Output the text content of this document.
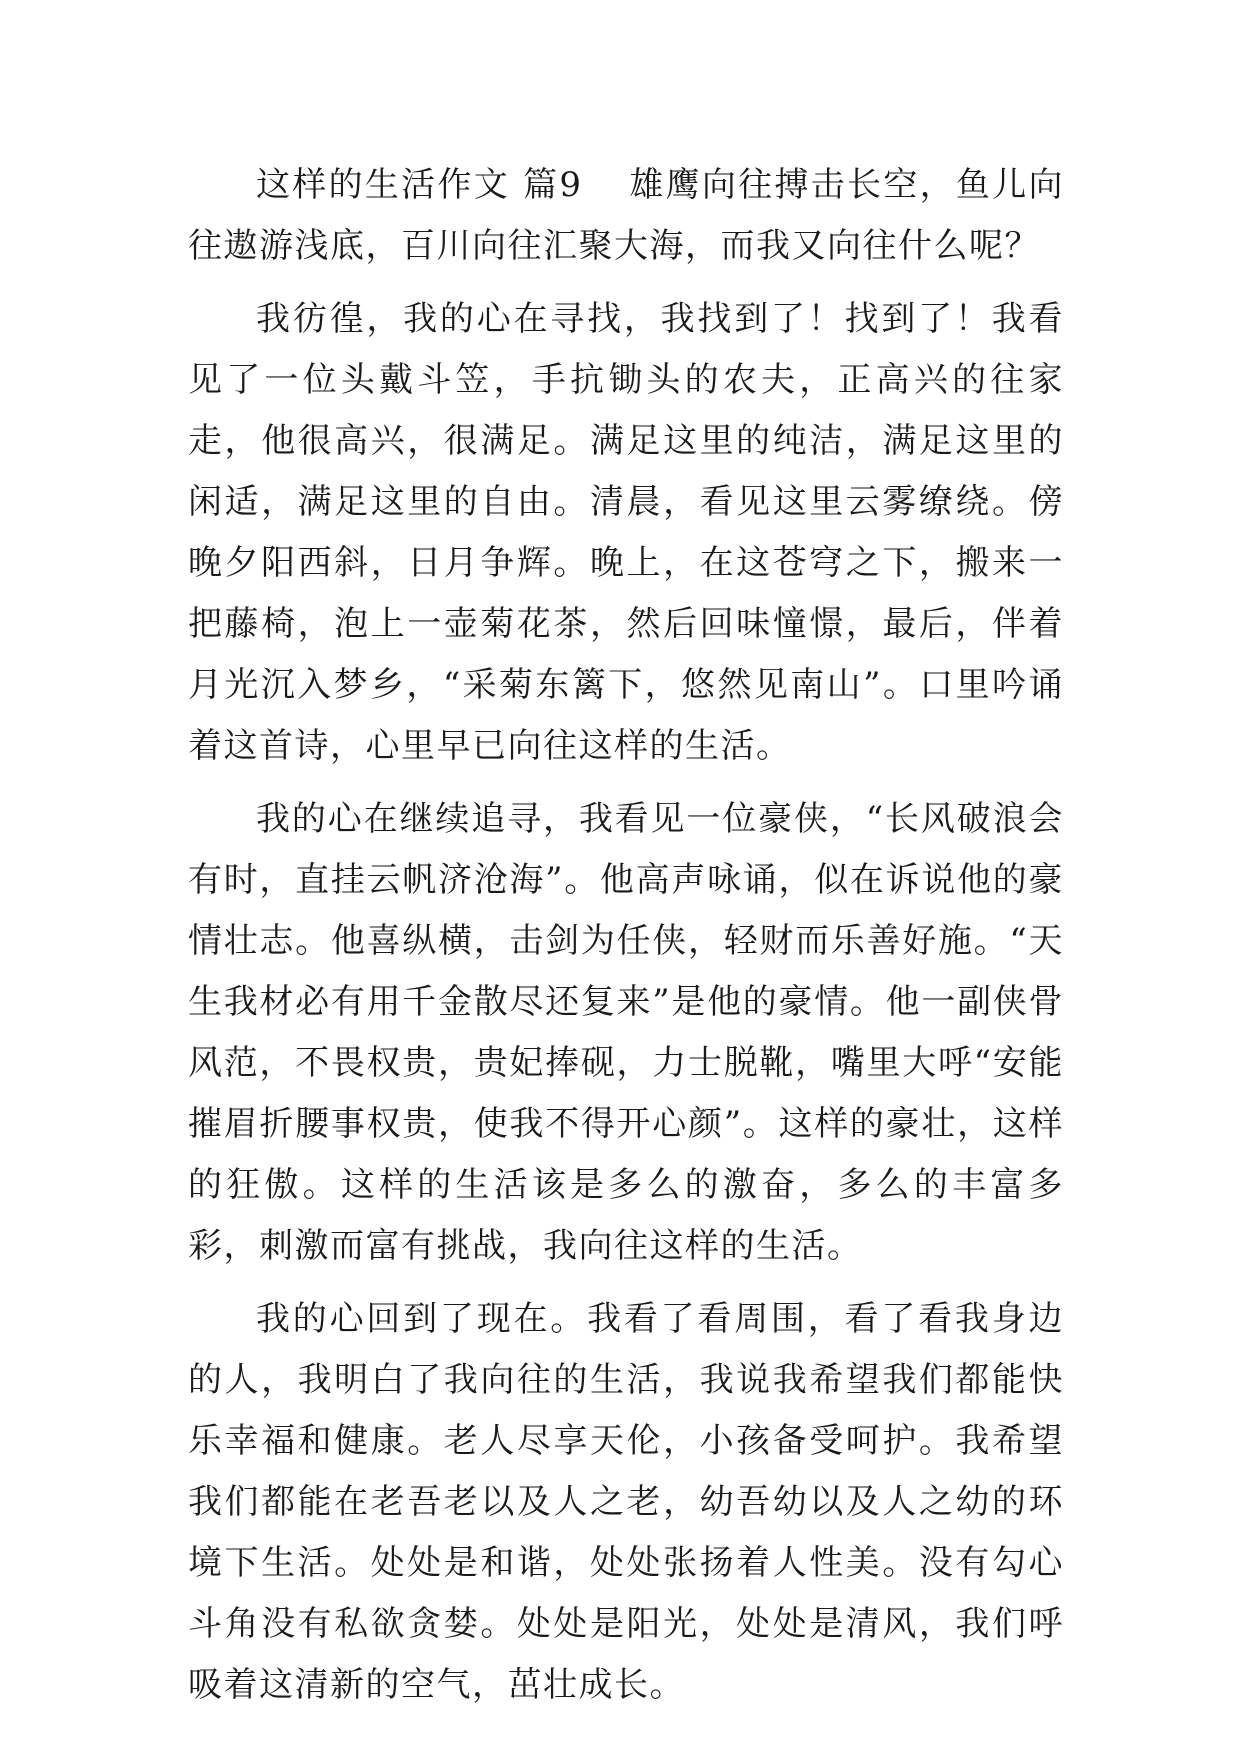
这样的生活作文 篇9 雄鹰向往搏击长空，鱼儿向往遨游浅底，百川向往汇聚大海，而我又向往什么呢？

我彷徨，我的心在寻找，我找到了！找到了！我看见了一位头戴斗笠，手抗锄头的农夫，正高兴的往家走，他很高兴，很满足。满足这里的纯洁，满足这里的闲适，满足这里的自由。清晨，看见这里云雾缭绕。傍晚夕阳西斜，日月争辉。晚上，在这苍穹之下，搬来一把藤椅，泡上一壶菊花茶，然后回味憧憬，最后，伴着月光沉入梦乡，“采菊东篱下，悠然见南山”。口里吟诵着这首诗，心里早已向往这样的生活。

我的心在继续追寻，我看见一位豪侠，“长风破浪会有时，直挂云帆济沧海”。他高声咏诵，似在诉说他的豪情壮志。他喜纵横，击剑为任侠，轻财而乐善好施。“天生我材必有用千金散尽还复来”是他的豪情。他一副侠骨风范，不畏权贵，贵妃捧砚，力士脱靴，嘴里大呼“安能摧眉折腰事权贵，使我不得开心颜”。这样的豪壮，这样的狂傲。这样的生活该是多么的激奋，多么的丰富多彩，刺激而富有挑战，我向往这样的生活。

我的心回到了现在。我看了看周围，看了看我身边的人，我明白了我向往的生活，我说我希望我们都能快乐幸福和健康。老人尽享天伦，小孩备受呵护。我希望我们都能在老吾老以及人之老，幼吾幼以及人之幼的环境下生活。处处是和谐，处处张扬着人性美。没有勾心斗角没有私欲贪婪。处处是阳光，处处是清风，我们呼吸着这清新的空气，茁壮成长。
